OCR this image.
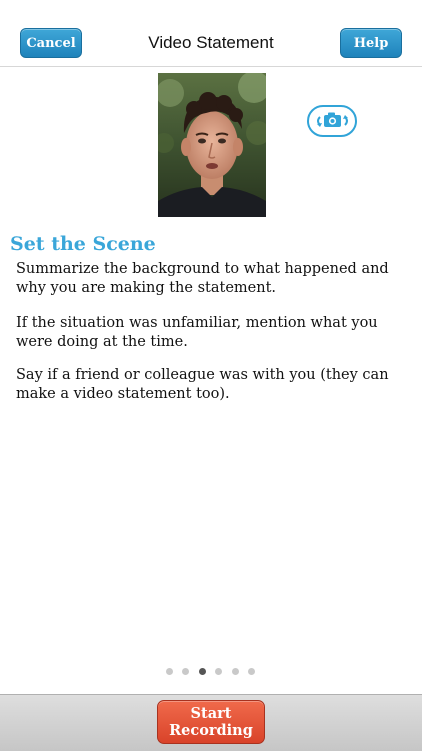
Cancel	Video Statement	Help
Set the Scene
Summarize the background to what happened and why you are making the statement.
If the situation was unfamiliar, mention what you were doing at the time.
Say if a friend or colleague was with you (they can make a video statement too).
Start
Recording
